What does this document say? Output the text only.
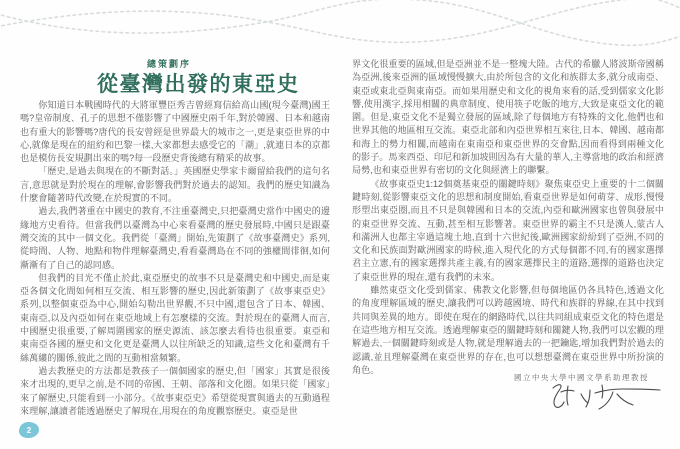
總策劃序
從臺灣出發的東亞史

你知道日本戰國時代的大將軍豐臣秀吉曾經寫信給高山國(現今臺灣)國王嗎?皇帝制度、孔子的思想不僅影響了中國歷史兩千年,對於韓國、日本和越南也有重大的影響嗎?唐代的長安曾經是世界最大的城市之一,更是東亞世界的中心,就像是現在的紐約和巴黎一樣,大家都想去感受它的「潮」,就連日本的京都也是模仿長安規劃出來的嗎?每一段歷史背後總有精采的故事。

「歷史,是過去與現在的不斷對話。」英國歷史學家卡爾留給我們的這句名言,意思就是對於現在的理解,會影響我們對於過去的認知。我們的歷史知識為什麼會隨著時代改變,在於現實的不同。

過去,我們著重在中國史的教育,不注重臺灣史,只把臺灣史當作中國史的邊緣地方史看待。但當我們以臺灣為中心來看臺灣的歷史發展時,中國只是跟臺灣交流的其中一個文化。我們從「臺灣」開始,先策劃了《故事臺灣史》系列,從時間、人物、地點和物件理解臺灣史,看看臺灣島在不同的強權間徘徊,如何漸漸有了自己的認同感。

但我們的目光不僅止於此,東亞歷史的故事不只是臺灣史和中國史,而是東亞各個文化間如何相互交流、相互影響的歷史,因此新策劃了《故事東亞史》系列,以整個東亞為中心,開始勾勒出世界觀,不只中國,還包含了日本、韓國、東南亞,以及內亞如何在東亞地域上有怎麼樣的交流。對於現在的臺灣人而言,中國歷史很重要,了解周圍國家的歷史源流、該怎麼去看待也很重要。東亞和東南亞各國的歷史和文化更是臺灣人以往所缺乏的知識,這些文化和臺灣有千絲萬縷的關係,彼此之間的互動相當頻繁。

過去教歷史的方法都是教孩子一個個國家的歷史,但「國家」其實是很後來才出現的,更早之前,是不同的帝國、王朝、部落和文化圈。如果只從「國家」來了解歷史,只能看到一小部分。《故事東亞史》希望從現實與過去的互動過程來理解,讓讀者能透過歷史了解現在,用現在的角度觀察歷史。東亞是世

2

界文化很重要的區域,但是亞洲並不是一整塊大陸。古代的希臘人將波斯帝國稱為亞洲,後來亞洲的區域慢慢擴大,由於所包含的文化和族群太多,就分成南亞、東亞或東北亞與東南亞。而如果用歷史和文化的視角來看的話,受到儒家文化影響,使用漢字,採用相關的典章制度、使用筷子吃飯的地方,大致是東亞文化的範圍。但是,東亞文化不是獨立發展的區域,除了每個地方有特殊的文化,他們也和世界其他的地區相互交流。東亞北部和內亞世界相互來往,日本、韓國、越南都和海上的勢力相關,而越南在東南亞和東亞世界的交會點,因而看得到兩種文化的影子。馬來西亞、印尼和新加坡則因為有大量的華人,主導當地的政治和經濟局勢,也和東亞世界有密切的文化與經濟上的聯繫。

《故事東亞史1:12個奠基東亞的關鍵時刻》聚焦東亞史上重要的十二個關鍵時刻,從影響東亞文化的思想和制度開始,看東亞世界是如何萌芽、成形,慢慢形塑出東亞圈,而且不只是與韓國和日本的交流,內亞和歐洲國家也曾與發展中的東亞世界交流、互動,甚至相互影響著。東亞世界的霸主不只是漢人,蒙古人和滿洲人也都主宰過這塊土地,直到十六世紀後,歐洲國家紛紛到了亞洲,不同的文化和民族面對歐洲國家的時候,進入現代化的方式每個都不同,有的國家選擇君主立憲,有的國家選擇共產主義,有的國家選擇民主的道路,選擇的道路也決定了東亞世界的現在,還有我們的未來。

雖然東亞文化受到儒家、佛教文化影響,但每個地區仍各具特色,透過文化的角度理解區域的歷史,讓我們可以跨越國境、時代和族群的界線,在其中找到共同與差異的地方。即使在現在的網路時代,以往共同組成東亞文化的特色還是在這些地方相互交流。透過理解東亞的關鍵時刻和關鍵人物,我們可以宏觀的理解過去,一個關鍵時刻或是人物,就是理解過去的一把鑰匙,增加我們對於過去的認識,並且理解臺灣在東亞世界的存在,也可以想想臺灣在東亞世界中所扮演的角色。

國立中央大學中國文學系助理教授
